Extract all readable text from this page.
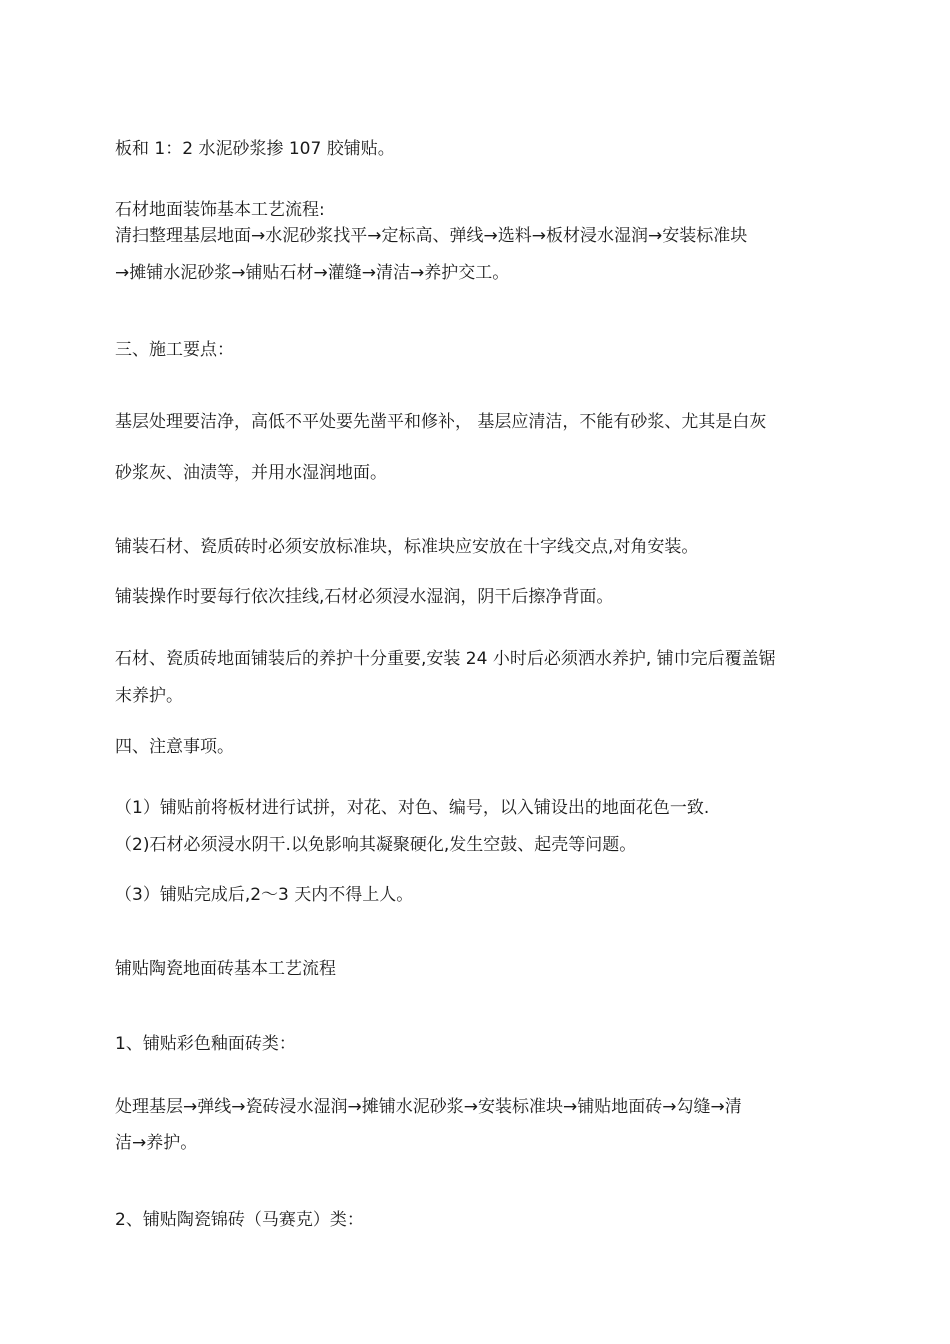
板和 1：2 水泥砂浆掺 107 胶铺贴。
石材地面装饰基本工艺流程:
清扫整理基层地面→水泥砂浆找平→定标高、弹线→选料→板材浸水湿润→安装标准块
→摊铺水泥砂浆→铺贴石材→灌缝→清洁→养护交工。
三、施工要点：
基层处理要洁净，高低不平处要先凿平和修补， 基层应清洁，不能有砂浆、尤其是白灰
砂浆灰、油渍等，并用水湿润地面。
铺装石材、瓷质砖时必须安放标准块，标准块应安放在十字线交点,对角安装。
铺装操作时要每行依次挂线,石材必须浸水湿润，阴干后擦净背面。
石材、瓷质砖地面铺装后的养护十分重要,安装 24 小时后必须洒水养护, 铺巾完后覆盖锯
末养护。
四、注意事项。
（1）铺贴前将板材进行试拼，对花、对色、编号，以入铺设出的地面花色一致.
（2)石材必须浸水阴干.以免影响其凝聚硬化,发生空鼓、起壳等问题。
（3）铺贴完成后,2～3 天内不得上人。
铺贴陶瓷地面砖基本工艺流程
1、铺贴彩色釉面砖类：
处理基层→弹线→瓷砖浸水湿润→摊铺水泥砂浆→安装标准块→铺贴地面砖→勾缝→清
洁→养护。
2、铺贴陶瓷锦砖（马赛克）类：
